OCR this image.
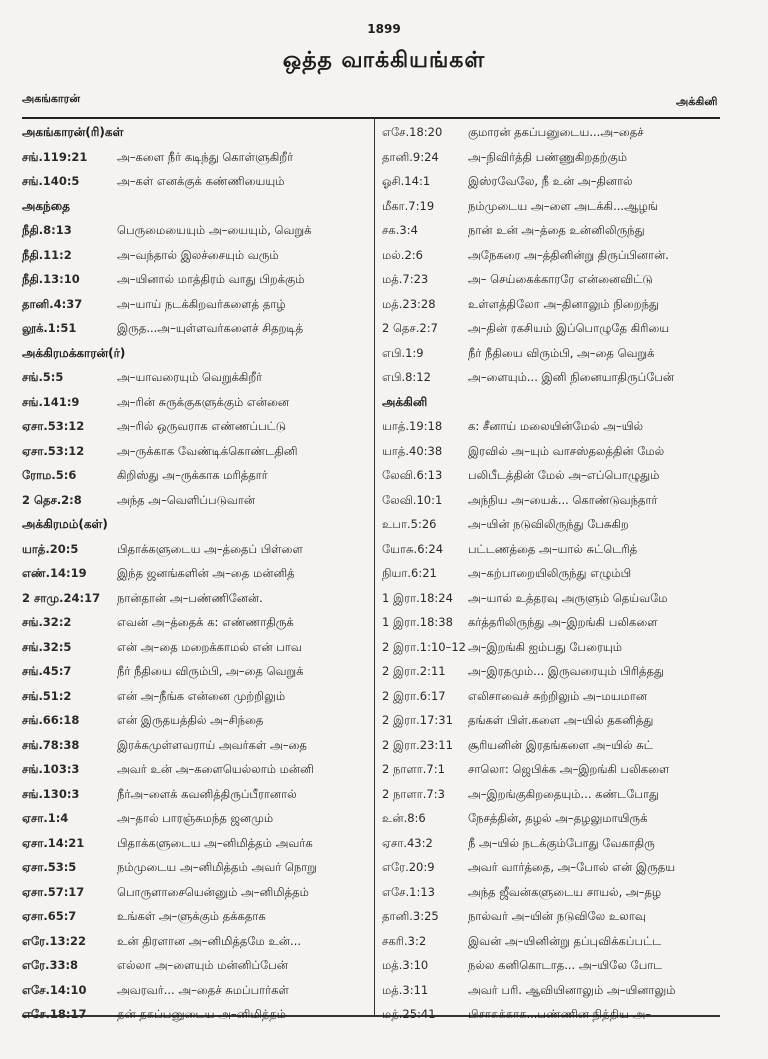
1899
ஒத்த வாக்கியங்கள்
அகங்காரன்	அக்கினி
அகங்காரன்(ரி)கள்
சங்.119:21	அ–களை நீர் கடிந்து கொள்ளுகிறீர்
சங்.140:5	அ–கள் எனக்குக் கண்ணியையும்
அகந்தை
நீதி.8:13	பெருமையையும் அ–யையும், வெறுக்
நீதி.11:2	அ–வந்தால் இலச்சையும் வரும்
நீதி.13:10	அ–யினால் மாத்திரம் வாது பிறக்கும்
தானி.4:37	அ–யாய் நடக்கிறவர்களைத் தாழ்
லூக்.1:51	இருத...அ–யுள்ளவர்களைச் சிதறடித்
அக்கிரமக்காரன்(ர்)
சங்.5:5	அ–யாவரையும் வெறுக்கிறீர்
சங்.141:9	அ–ரின் சுருக்குகளுக்கும் என்னை
ஏசா.53:12	அ–ரில் ஒருவராக எண்ணப்பட்டு
ஏசா.53:12	அ–ருக்காக வேண்டிக்கொண்டதினி
ரோம.5:6	கிறிஸ்து அ–ருக்காக மரித்தார்
2 தெச.2:8	அந்த அ–வெளிப்படுவான்
அக்கிரமம்(கள்)
யாத்.20:5	பிதாக்களுடைய அ–த்தைப் பிள்ளை
எண்.14:19	இந்த ஜனங்களின் அ–தை மன்னித்
2 சாமு.24:17	நான்தான் அ–பண்ணினேன்.
சங்.32:2	எவன் அ–த்தைக் க: எண்ணாதிருக்
சங்.32:5	என் அ–தை மறைக்காமல் என் பாவ
சங்.45:7	நீர் நீதியை விரும்பி, அ–தை வெறுக்
சங்.51:2	என் அ–நீங்க என்னை முற்றிலும்
சங்.66:18	என் இருதயத்தில் அ–சிந்தை
சங்.78:38	இரக்கமுள்ளவராய் அவர்கள் அ–தை
சங்.103:3	அவர் உன் அ–களையெல்லாம் மன்னி
சங்.130:3	நீர்அ–ளைக் கவனித்திருப்பீரானால்
ஏசா.1:4	அ–தால் பாரஞ்சுமந்த ஜனமும்
ஏசா.14:21	பிதாக்களுடைய அ–னிமித்தம் அவர்க
ஏசா.53:5	நம்முடைய அ–னிமித்தம் அவர் நொறு
ஏசா.57:17	பொருளாசையென்னும் அ–னிமித்தம்
ஏசா.65:7	உங்கள் அ–ளுக்கும் தக்கதாக
எரே.13:22	உன் திரளான அ–னிமித்தமே உன்...
எரே.33:8	எல்லா அ–ளையும் மன்னிப்பேன்
எசே.14:10	அவரவர்... அ–தைச் சுமப்பார்கள்
எசே.18:17	தன் தகப்பனுடைய அ–னிமித்தம்
எசே.18:20	குமாரன் தகப்பனுடைய...அ–தைச்
தானி.9:24	அ–நிவிர்த்தி பண்ணுகிறதற்கும்
ஓசி.14:1	இஸ்ரவேலே, நீ உன் அ–தினால்
மீகா.7:19	நம்முடைய அ–ளை அடக்கி...ஆழங்
சக.3:4	நான் உன் அ–த்தை உன்னிலிருந்து
மல்.2:6	அநேகரை அ–த்தினின்று திருப்பினான்.
மத்.7:23	அ– செய்கைக்காரரே என்னைவிட்டு
மத்.23:28	உள்ளத்திலோ அ–தினாலும் நிறைந்து
2 தெச.2:7	அ–தின் ரகசியம் இப்பொழுதே கிரியை
எபி.1:9	நீர் நீதியை விரும்பி, அ–தை வெறுக்
எபி.8:12	அ–ளையும்... இனி நினையாதிருப்பேன்
அக்கினி
யாத்.19:18	க: சீனாய் மலையின்மேல் அ–யில்
யாத்.40:38	இரவில் அ–யும் வாசஸ்தலத்தின் மேல்
லேவி.6:13	பலிபீடத்தின் மேல் அ–எப்பொழுதும்
லேவி.10:1	அந்நிய அ–யைக்... கொண்டுவந்தார்
உபா.5:26	அ–யின் நடுவிலிருந்து பேசுகிற
யோசு.6:24	பட்டணத்தை அ–யால் சுட்டெரித்
நியா.6:21	அ–கற்பாறையிலிருந்து எழும்பி
1 இரா.18:24	அ–யால் உத்தரவு அருளும் தெய்வமே
1 இரா.18:38	கர்த்தரிலிருந்து அ–இறங்கி பலிகளை
2 இரா.1:10–12 அ–இறங்கி ஐம்பது பேரையும்
2 இரா.2:11	அ–இரதமும்... இருவரையும் பிரித்தது
2 இரா.6:17	எலிசாவைச் சுற்றிலும் அ–மயமான
2 இரா.17:31	தங்கள் பிள்.களை அ–யில் தகனித்து
2 இரா.23:11	சூரியனின் இரதங்களை அ–யில் சுட்
2 நாளா.7:1	சாலொ: ஜெபிக்க அ–இறங்கி பலிகளை
2 நாளா.7:3	அ–இறங்குகிறதையும்... கண்டபோது
உன்.8:6	நேசத்தின், தழல் அ–தழலுமாயிருக்
ஏசா.43:2	நீ அ–யில் நடக்கும்போது வேகாதிரு
எரே.20:9	அவர் வார்த்தை, அ–போல் என் இருதய
எசே.1:13	அந்த ஜீவன்களுடைய சாயல், அ–தழ
தானி.3:25	நால்வர் அ–யின் நடுவிலே உலாவு
சகரி.3:2	இவன் அ–யினின்று தப்புவிக்கப்பட்ட
மத்.3:10	நல்ல கனிகொடாத... அ–யிலே போட
மத்.3:11	அவர் பரி. ஆவியினாலும் அ–யினாலும்
மத்.25:41	பிசாசுக்காக...பண்ணின நித்திய அ–
